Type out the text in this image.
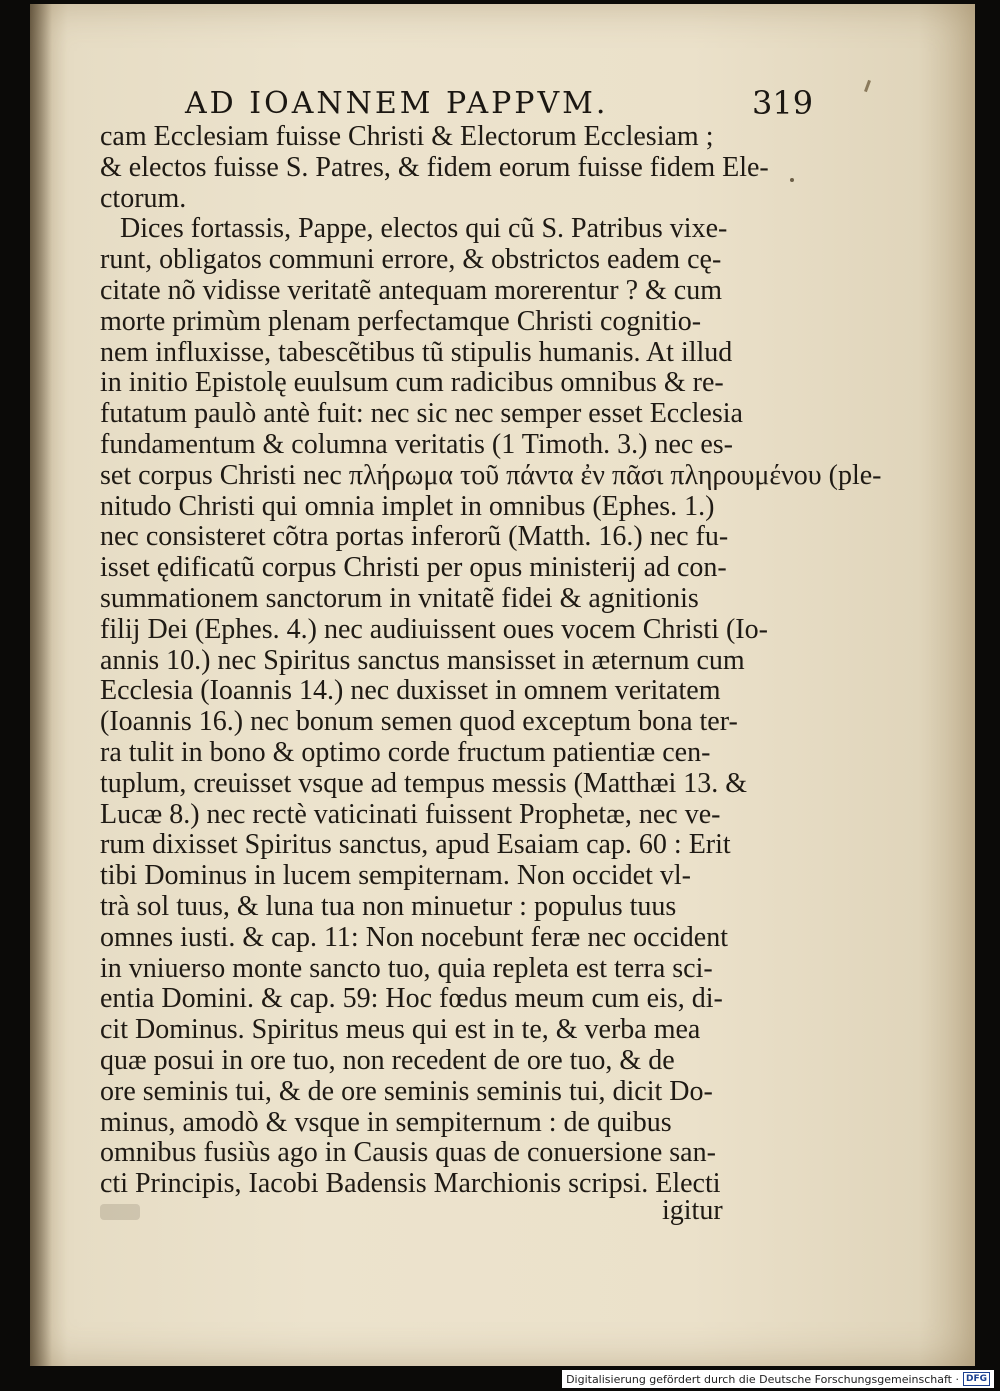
AD IOANNEM PAPPVM.	319
cam Ecclesiam fuisse Christi & Electorum Ecclesiam ;
& electos fuisse S. Patres, & fidem eorum fuisse fidem Ele-
ctorum.
Dices fortassis, Pappe, electos qui cũ S. Patribus vixe-
runt, obligatos communi errore, & obstrictos eadem cę-
citate nõ vidisse veritatẽ antequam morerentur ? & cum
morte primùm plenam perfectamque Christi cognitio-
nem influxisse, tabescẽtibus tũ stipulis humanis. At illud
in initio Epistolę euulsum cum radicibus omnibus & re-
futatum paulò antè fuit: nec sic nec semper esset Ecclesia
fundamentum & columna veritatis (1 Timoth. 3.) nec es-
set corpus Christi nec πλήρωμα τοῦ πάντα ἐν πᾶσι πληρουμένου (ple-
nitudo Christi qui omnia implet in omnibus (Ephes. 1.)
nec consisteret cõtra portas inferorũ (Matth. 16.) nec fu-
isset ędificatũ corpus Christi per opus ministerij ad con-
summationem sanctorum in vnitatẽ fidei & agnitionis
filij Dei (Ephes. 4.) nec audiuissent oues vocem Christi (Io-
annis 10.) nec Spiritus sanctus mansisset in æternum cum
Ecclesia (Ioannis 14.) nec duxisset in omnem veritatem
(Ioannis 16.) nec bonum semen quod exceptum bona ter-
ra tulit in bono & optimo corde fructum patientiæ cen-
tuplum, creuisset vsque ad tempus messis (Matthæi 13. &
Lucæ 8.) nec rectè vaticinati fuissent Prophetæ, nec ve-
rum dixisset Spiritus sanctus, apud Esaiam cap. 60 : Erit
tibi Dominus in lucem sempiternam. Non occidet vl-
trà sol tuus, & luna tua non minuetur : populus tuus
omnes iusti. & cap. 11: Non nocebunt feræ nec occident
in vniuerso monte sancto tuo, quia repleta est terra sci-
entia Domini. & cap. 59: Hoc fœdus meum cum eis, di-
cit Dominus. Spiritus meus qui est in te, & verba mea
quæ posui in ore tuo, non recedent de ore tuo, & de
ore seminis tui, & de ore seminis seminis tui, dicit Do-
minus, amodò & vsque in sempiternum : de quibus
omnibus fusiùs ago in Causis quas de conuersione san-
cti Principis, Iacobi Badensis Marchionis scripsi. Electi
igitur
Digitalisierung gefördert durch die Deutsche Forschungsgemeinschaft · DFG
